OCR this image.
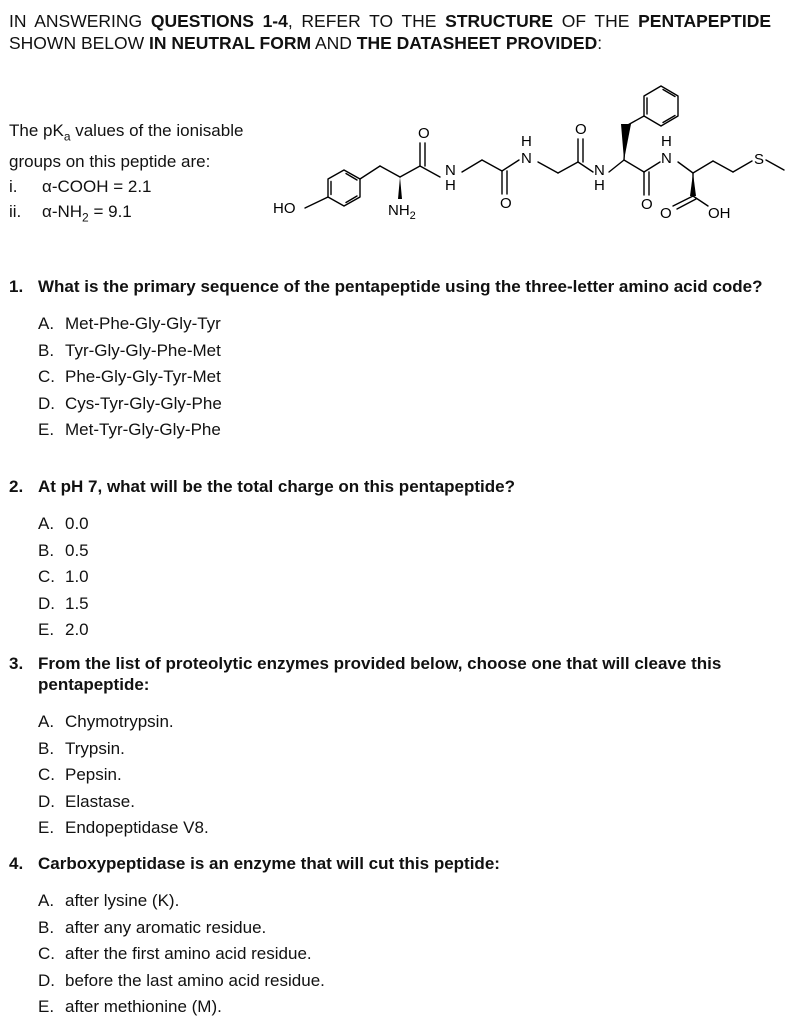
IN ANSWERING QUESTIONS 1-4, REFER TO THE STRUCTURE OF THE PENTAPEPTIDE SHOWN BELOW IN NEUTRAL FORM AND THE DATASHEET PROVIDED:
The $pK_a$ values of the ionisable
groups on this peptide are:
i.	α-COOH = 2.1
ii.	$\alpha-NH_2 = 9.1$	HO	$NH_2$
O
N
H
O
H
N
O
N
H
O
H
N	S
O OH
1. What is the primary sequence of the pentapeptide using the three-letter amino acid code?
A. Met-Phe-Gly-Gly-Tyr
B. Tyr-Gly-Gly-Phe-Met
C. Phe-Gly-Gly-Tyr-Met
D. Cys-Tyr-Gly-Gly-Phe
E. Met-Tyr-Gly-Gly-Phe
2. At pH 7, what will be the total charge on this pentapeptide?
A. 0.0
B. 0.5
C. 1.0
D. 1.5
E. 2.0
3. From the list of proteolytic enzymes provided below, choose one that will cleave this pentapeptide:
A. Chymotrypsin.
B. Trypsin.
C. Pepsin.
D. Elastase.
E. Endopeptidase V8.
4. Carboxypeptidase is an enzyme that will cut this peptide:
A. after lysine (K).
B. after any aromatic residue.
C. after the first amino acid residue.
D. before the last amino acid residue.
E. after methionine (M).
